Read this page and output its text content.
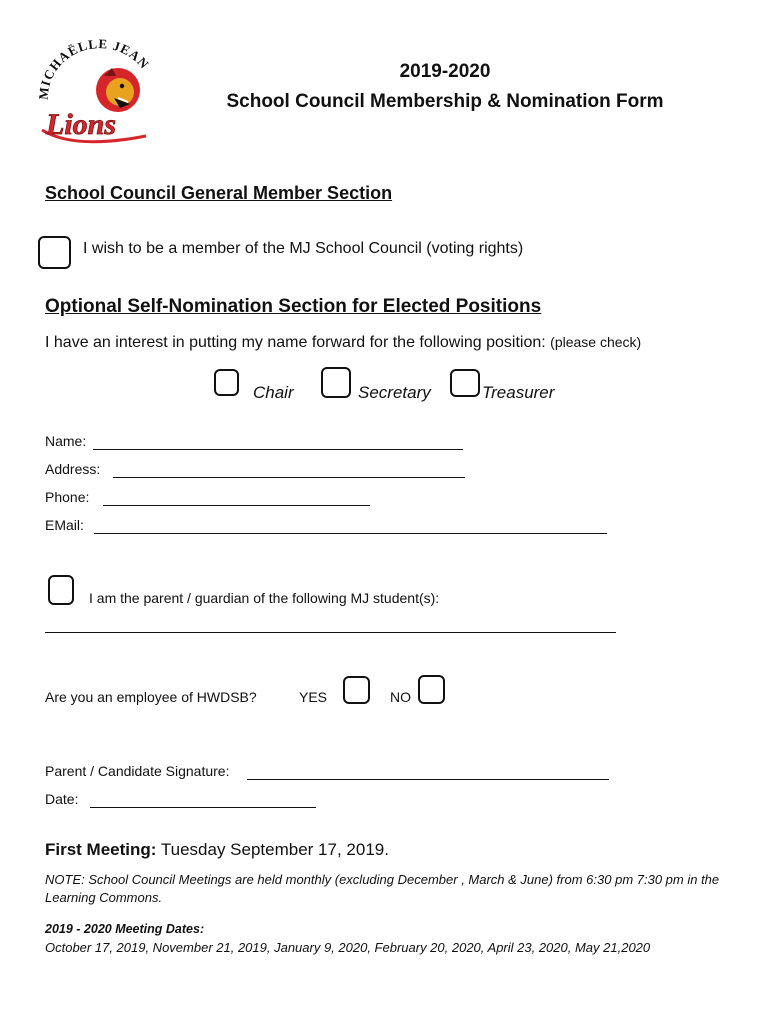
MICHAËLLE JEAN
Lions
2019-2020
School Council Membership & Nomination Form
School Council General Member Section
I wish to be a member of the MJ School Council (voting rights)
Optional Self-Nomination Section for Elected Positions
I have an interest in putting my name forward for the following position: (please check)
Chair	Secretary	Treasurer
Name:
Address:
Phone:
EMail:
I am the parent / guardian of the following MJ student(s):
Are you an employee of HWDSB?	YES	NO
Parent / Candidate Signature:
Date:
First Meeting: Tuesday September 17, 2019.
NOTE: School Council Meetings are held monthly (excluding December , March & June) from 6:30 pm 7:30 pm in the Learning Commons.
2019 - 2020 Meeting Dates:
October 17, 2019, November 21, 2019, January 9, 2020, February 20, 2020, April 23, 2020, May 21,2020
